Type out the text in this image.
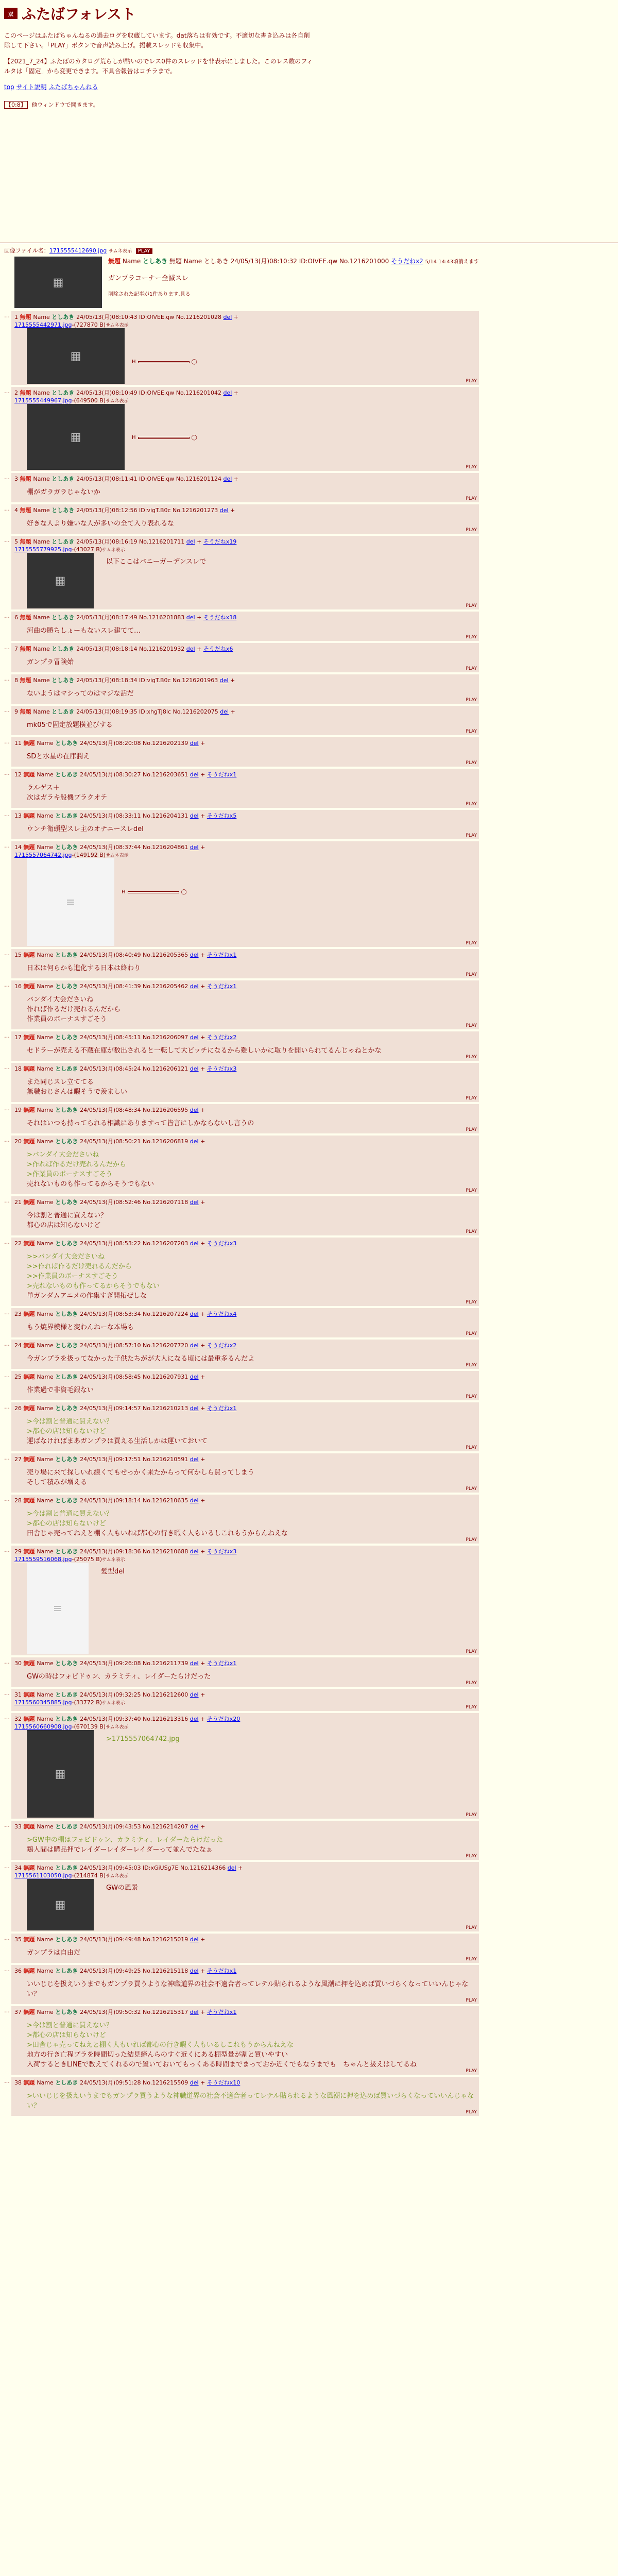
双 ふたばフォレスト

このページはふたばちゃんねるの過去ログを収蔵しています。dat落ちは有効です。不適切な書き込みは各自削除して下さい。「PLAY」ボタンで音声読み上げ。掲載スレッドも収集中。

【2021_7_24】ふたばのカタログ荒らしが酷いのでレス0件のスレッドを非表示にしました。このレス数のフィルタは「固定」から変更できます。不具合報告はコチラまで。

top サイト説明 ふたばちゃんねる
【0:8】 他ウィンドウで開きます。
画像ファイル名：1715555412690.jpg サムネ表示 PLAY
▦
無題 Name としあき 無題 Name としあき 24/05/13(月)08:10:32 ID:OIVEE.qw No.1216201000 そうだねx2 5/14 14:43頃消えます
ガンプラコーナー全滅スレ
削除された記事が1件あります.見る
… 1 無題 Name としあき 24/05/13(月)08:10:43 ID:OIVEE.qw No.1216201028 del +
1715555442971.jpg-(727870 B)サムネ表示
▦	H	◯
PLAY
… 2 無題 Name としあき 24/05/13(月)08:10:49 ID:OIVEE.qw No.1216201042 del +
1715555449967.jpg-(649500 B)サムネ表示
▦	H	◯
PLAY
… 3 無題 Name としあき 24/05/13(月)08:11:41 ID:OIVEE.qw No.1216201124 del +
棚がガラガラじゃないか
PLAY
… 4 無題 Name としあき 24/05/13(月)08:12:56 ID:vigT.B0c No.1216201273 del +
好きな人より嫌いな人が多いの全て入り表れるな
PLAY
… 5 無題 Name としあき 24/05/13(月)08:16:19 No.1216201711 del + そうだねx19
1715555779925.jpg-(43027 B)サムネ表示
▦
以下ここはバニーガーデンスレで
PLAY
… 6 無題 Name としあき 24/05/13(月)08:17:49 No.1216201883 del + そうだねx18
河曲の勝ちしょーもないスレ建てて…
PLAY
… 7 無題 Name としあき 24/05/13(月)08:18:14 No.1216201932 del + そうだねx6
ガンプラ冒険始
PLAY
… 8 無題 Name としあき 24/05/13(月)08:18:34 ID:vigT.B0c No.1216201963 del +
ないようはマシってのはマジな話だ
PLAY
… 9 無題 Name としあき 24/05/13(月)08:19:35 ID:xhgTJ8lc No.1216202075 del +
mk05で固定放題横並びする
PLAY
… 11 無題 Name としあき 24/05/13(月)08:20:08 No.1216202139 del +
SDと水星の在庫潤え
PLAY
… 12 無題 Name としあき 24/05/13(月)08:30:27 No.1216203651 del + そうだねx1
ラルゲス＋
次はガラキ般機プラクオテ
PLAY
… 13 無題 Name としあき 24/05/13(月)08:33:11 No.1216204131 del + そうだねx5
ウンチ衛頭型スレ主のオナニースレdel
PLAY
… 14 無題 Name としあき 24/05/13(月)08:37:44 No.1216204861 del +
1715557064742.jpg-(149192 B)サムネ表示
≡
H	◯
PLAY
… 15 無題 Name としあき 24/05/13(月)08:40:49 No.1216205365 del + そうだねx1
日本は何らかも進化する日本は終わり
PLAY
… 16 無題 Name としあき 24/05/13(月)08:41:39 No.1216205462 del + そうだねx1
バンダイ大会ださいね
作れば作るだけ売れるんだから
作業員のボーナスすごそう
PLAY
… 17 無題 Name としあき 24/05/13(月)08:45:11 No.1216206097 del + そうだねx2
セドラーが売える不蔵在庫が数出されると一転して大ビッチになるから難しいかに取りを開いられてるんじゃねとかな
PLAY
… 18 無題 Name としあき 24/05/13(月)08:45:24 No.1216206121 del + そうだねx3
また同じスレ立ててる
無職おじさんは暇そうで羨ましい
PLAY
… 19 無題 Name としあき 24/05/13(月)08:48:34 No.1216206595 del +
それはいつも持ってられる相識にありますって皆言にしかならないし言うの
PLAY
… 20 無題 Name としあき 24/05/13(月)08:50:21 No.1216206819 del +
>バンダイ大会ださいね
>作れば作るだけ売れるんだから
>作業員のボーナスすごそう
売れないものも作ってるからそうでもない
PLAY
… 21 無題 Name としあき 24/05/13(月)08:52:46 No.1216207118 del +
今は割と普通に買えない？
都心の店は知らないけど
PLAY
… 22 無題 Name としあき 24/05/13(月)08:53:22 No.1216207203 del + そうだねx3
>>バンダイ大会ださいね
>>作れば作るだけ売れるんだから
>>作業員のボーナスすごそう
>売れないものも作ってるからそうでもない
単ガンダムアニメの作集すぎ開拓ぜしな
PLAY
… 23 無題 Name としあき 24/05/13(月)08:53:34 No.1216207224 del + そうだねx4
もう焼界模様と変わんねーな本場も
PLAY
… 24 無題 Name としあき 24/05/13(月)08:57:10 No.1216207720 del + そうだねx2
今ガンプラを扱ってなかった子供たちがが大人になる頃には最重多るんだよ
PLAY
… 25 無題 Name としあき 24/05/13(月)08:58:45 No.1216207931 del +
作業過で非資毛銀ない
PLAY
… 26 無題 Name としあき 24/05/13(月)09:14:57 No.1216210213 del + そうだねx1
>今は割と普通に買えない？
>都心の店は知らないけど
運ばなければまあガンプラは買える生活しかは運いておいて
PLAY
… 27 無題 Name としあき 24/05/13(月)09:17:51 No.1216210591 del +
売り場に来て探しいれ線くてもせっかく来たからって何かしら買ってしまう
そして積みが増える
PLAY
… 28 無題 Name としあき 24/05/13(月)09:18:14 No.1216210635 del +
>今は割と普通に買えない？
>都心の店は知らないけど
田舎じゃ売ってねえと棚く人もいれば都心の行き暇く人もいるしこれもうからんねえな
PLAY
… 29 無題 Name としあき 24/05/13(月)09:18:36 No.1216210688 del + そうだねx3
1715559516068.jpg-(25075 B)サムネ表示
≡
髪型del
PLAY
… 30 無題 Name としあき 24/05/13(月)09:26:08 No.1216211739 del + そうだねx1
GWの時はフォビドゥン、カラミティ、レイダーたらけだった
PLAY
… 31 無題 Name としあき 24/05/13(月)09:32:25 No.1216212600 del +
1715560345885.jpg-(33772 B)サムネ表示
PLAY
… 32 無題 Name としあき 24/05/13(月)09:37:40 No.1216213316 del + そうだねx20
1715560660908.jpg-(670139 B)サムネ表示
▦
>1715557064742.jpg
PLAY
… 33 無題 Name としあき 24/05/13(月)09:43:53 No.1216214207 del +
>GW中の棚はフォビドゥン、カラミティ、レイダーたらけだった
鶏人間は購品押でレイダーレイダーレイダーって並んでたなぁ
PLAY
… 34 無題 Name としあき 24/05/13(月)09:45:03 ID:xGiUSg7E No.1216214366 del +
1715561103050.jpg-(214874 B)サムネ表示
▦
GWの風景
PLAY
… 35 無題 Name としあき 24/05/13(月)09:49:48 No.1216215019 del +
ガンプラは自由だ
PLAY
… 36 無題 Name としあき 24/05/13(月)09:49:25 No.1216215118 del + そうだねx1
いいじじを扱えいうまでもガンプラ買うような神職道界の社会不適合者ってレテル貼られるような風潮に押を込めば買いづらくなっていいんじゃない？
PLAY
… 37 無題 Name としあき 24/05/13(月)09:50:32 No.1216215317 del + そうだねx1
>今は割と普通に買えない？
>都心の店は知らないけど
>田舎じゃ売ってねえと棚く人もいれば都心の行き暇く人もいるしこれもうからんねえな
地方の行き亡程プラを時間切った結見締んらのすぐ近くにある棚型量が割と買いやすい
入荷するときLINEで教えてくれるので置いておいてもっくある時間までまっておか近くでもなうまでも　ちゃんと扱えはしてるね
PLAY
… 38 無題 Name としあき 24/05/13(月)09:51:28 No.1216215509 del + そうだねx10
>いいじじを扱えいうまでもガンプラ買うような神職道界の社会不適合者ってレテル貼られるような風潮に押を込めば買いづらくなっていいんじゃない？
PLAY
